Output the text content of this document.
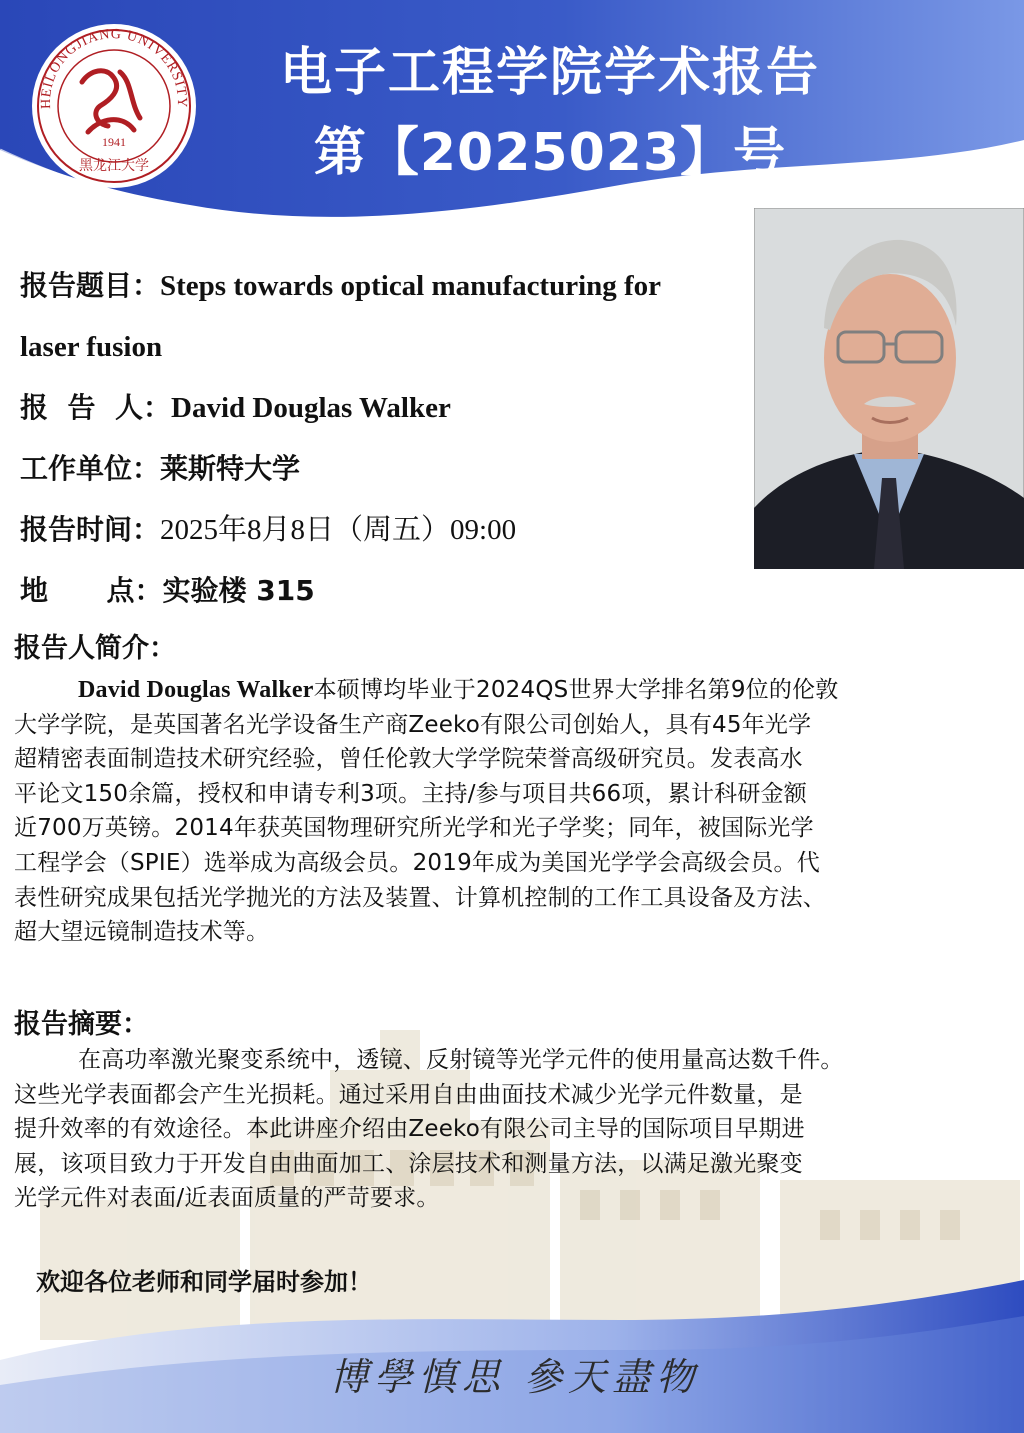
HEILONGJIANG UNIVERSITY
1941
黑龙江大学
电子工程学院学术报告
第【2025023】号
报告题目：Steps towards optical manufacturing for
laser fusion
报  告  人：David Douglas Walker
工作单位：莱斯特大学
报告时间：2025年8月8日（周五）09:00
地      点：实验楼 315
报告人简介：
David Douglas Walker本硕博均毕业于2024QS世界大学排名第9位的伦敦
大学学院，是英国著名光学设备生产商Zeeko有限公司创始人，具有45年光学
超精密表面制造技术研究经验，曾任伦敦大学学院荣誉高级研究员。发表高水
平论文150余篇，授权和申请专利3项。主持/参与项目共66项，累计科研金额
近700万英镑。2014年获英国物理研究所光学和光子学奖；同年，被国际光学
工程学会（SPIE）选举成为高级会员。2019年成为美国光学学会高级会员。代
表性研究成果包括光学抛光的方法及装置、计算机控制的工作工具设备及方法、
超大望远镜制造技术等。
报告摘要：
在高功率激光聚变系统中，透镜、反射镜等光学元件的使用量高达数千件。
这些光学表面都会产生光损耗。通过采用自由曲面技术减少光学元件数量，是
提升效率的有效途径。本此讲座介绍由Zeeko有限公司主导的国际项目早期进
展，该项目致力于开发自由曲面加工、涂层技术和测量方法，以满足激光聚变
光学元件对表面/近表面质量的严苛要求。
欢迎各位老师和同学届时参加！
博學慎思 參天盡物
